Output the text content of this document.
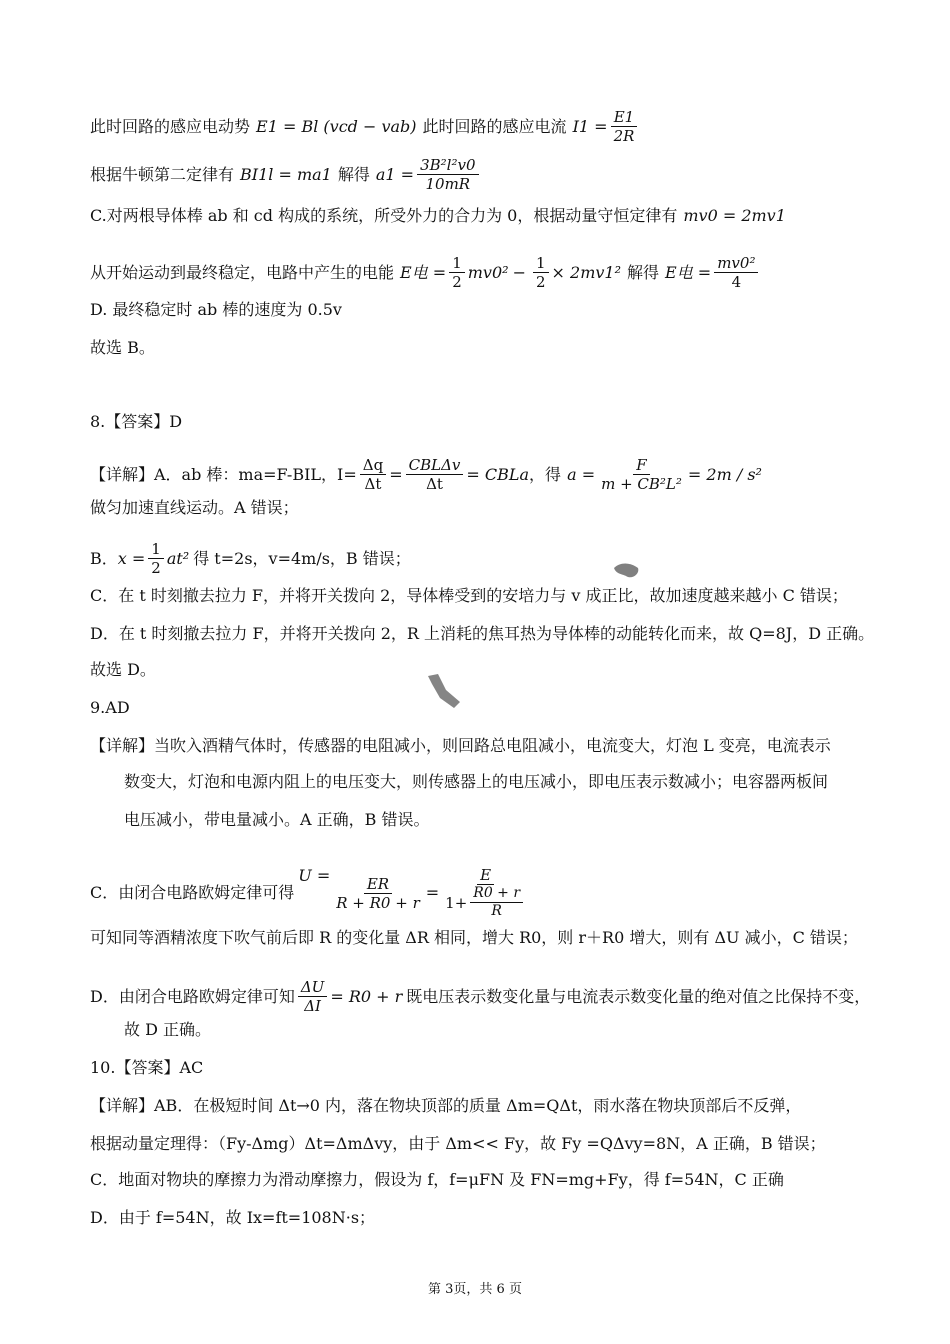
此时回路的感应电动势 E1 = Bl (vcd − vab) 此时回路的感应电流 $I1 = \frac{E1}{2R}$
根据牛顿第二定律有 BI1l = ma1 解得 $a1 = \frac{\text{3B²l²v0}}{10mR}$
C.对两根导体棒 ab 和 cd 构成的系统，所受外力的合力为 0，根据动量守恒定律有 mv0 = 2mv1
从开始运动到最终稳定，电路中产生的电能 E电 = $\frac{1}{2} mv0^2 - \frac{1}{2} \times 2mv1^2$ 解得 E电 = $\frac{\text{mv0²}}{4}$
D. 最终稳定时 ab 棒的速度为 0.5v
故选 B。
8.【答案】D
【详解】A．ab 棒：ma=F-BIL，$I= \frac{\Delta q}{\Delta t} = \frac{\text{CBLΔv}}{\Delta t}$ = CBLa ，得 $a = \frac{F}{\text{m + CB²L²}} = 2m / s^2$
做匀加速直线运动。A 错误；
B． $x = \frac{1}{2} at^2$ 得 t=2s，v=4m/s，B 错误；
C．在 t 时刻撤去拉力 F，并将开关拨向 2，导体棒受到的安培力与 v 成正比，故加速度越来越小 C 错误；
D．在 t 时刻撤去拉力 F，并将开关拨向 2，R 上消耗的焦耳热为导体棒的动能转化而来，故 Q=8J，D 正确。
故选 D。
9.AD
【详解】当吹入酒精气体时，传感器的电阻减小，则回路总电阻减小，电流变大，灯泡 L 变亮，电流表示
数变大，灯泡和电源内阻上的电压变大，则传感器上的电压减小，即电压表示数减小；电容器两板间
电压减小，带电量减小。A 正确，B 错误。
C．由闭合电路欧姆定律可得
$U = \frac{ER}{R + R0 + r} = \frac{E}{1+ \frac{R0 + r}{R}}$
可知同等酒精浓度下吹气前后即 R 的变化量 ΔR 相同，增大 R0，则 r＋R0 增大，则有 ΔU 减小，C 错误；
D．由闭合电路欧姆定律可知 $\frac{\Delta U}{\Delta I} = R0 + r$ 既电压表示数变化量与电流表示数变化量的绝对值之比保持不变，
故 D 正确。
10.【答案】AC
【详解】AB．在极短时间 Δt→0 内，落在物块顶部的质量 Δm=QΔt，雨水落在物块顶部后不反弹，
根据动量定理得：（Fy-Δmg）Δt=ΔmΔvy，由于 Δm<< Fy，故 Fy =QΔvy=8N，A 正确，B 错误；
C．地面对物块的摩擦力为滑动摩擦力，假设为 f，f=μFN 及 FN=mg+Fy，得 f=54N，C 正确
D．由于 f=54N，故 Ix=ft=108N·s；
第 3页，共 6 页
